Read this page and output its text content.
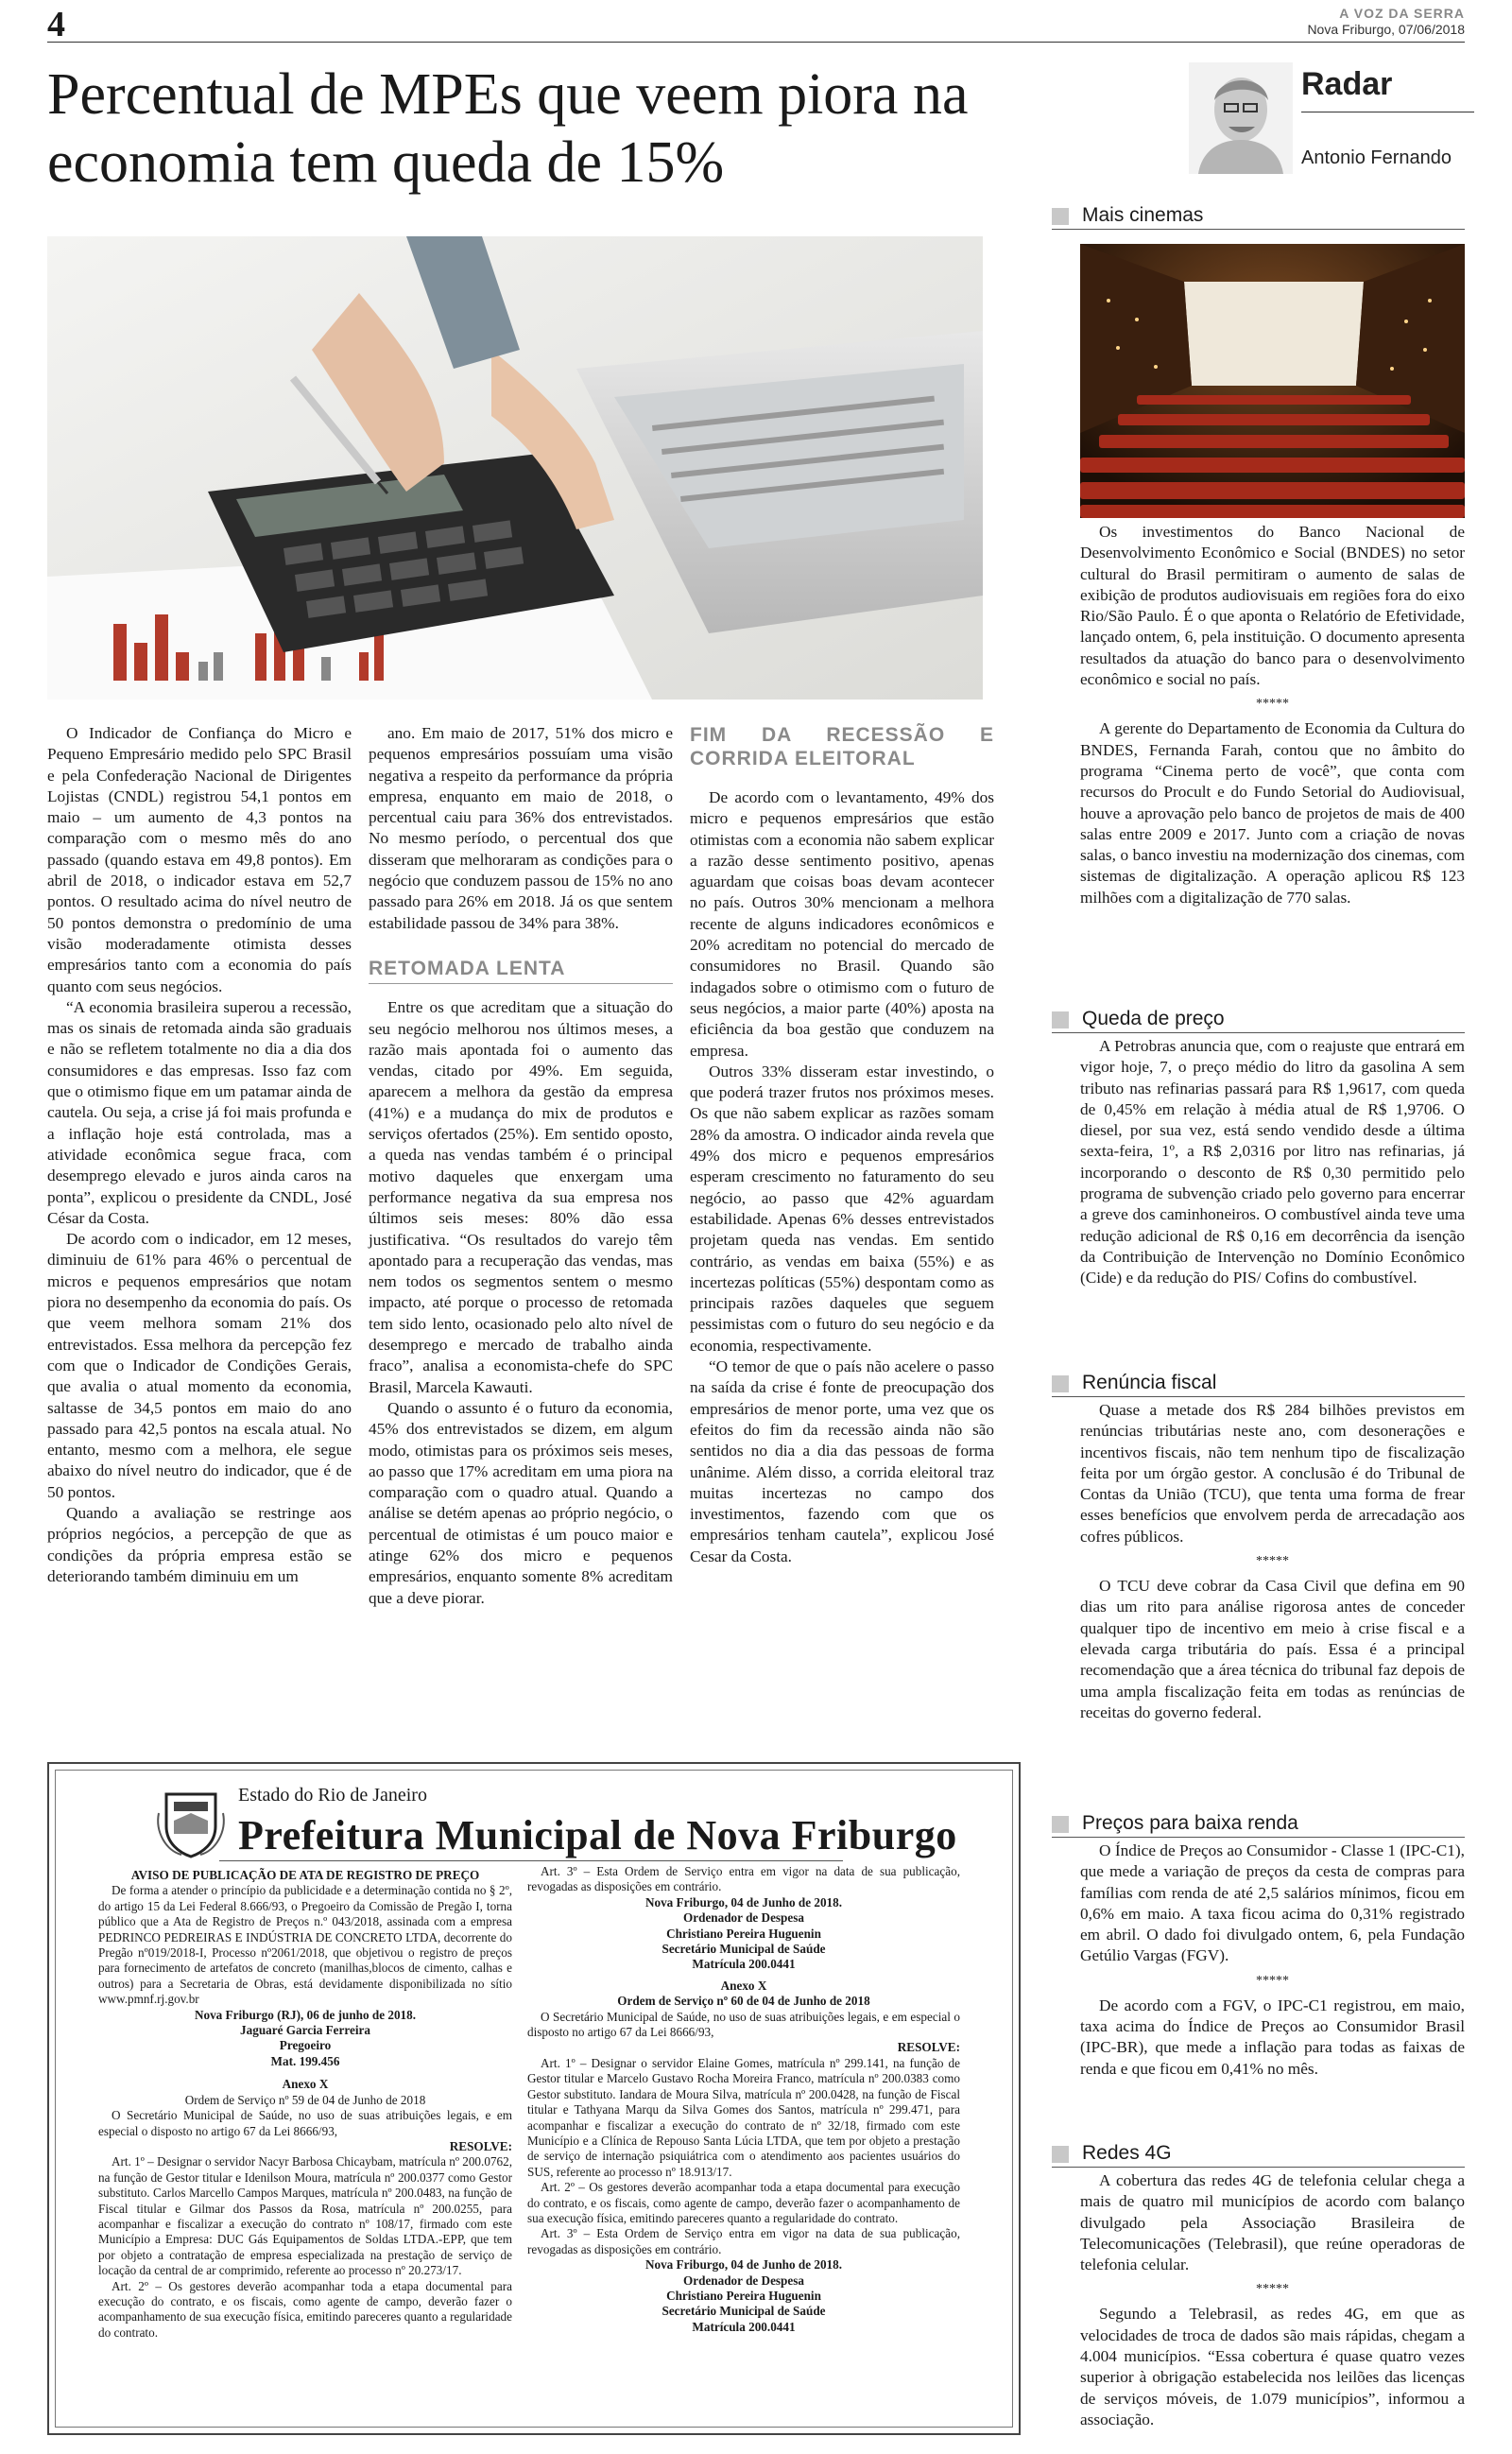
4	A VOZ DA SERRA
Nova Friburgo, 07/06/2018
Percentual de MPEs que veem piora na economia tem queda de 15%

O Indicador de Confiança do Micro e Pequeno Empresário medido pelo SPC Brasil e pela Confederação Nacional de Dirigentes Lojistas (CNDL) registrou 54,1 pontos em maio – um aumento de 4,3 pontos na comparação com o mesmo mês do ano passado (quando estava em 49,8 pontos). Em abril de 2018, o indicador estava em 52,7 pontos. O resultado acima do nível neutro de 50 pontos demonstra o predomínio de uma visão moderadamente otimista desses empresários tanto com a economia do país quanto com seus negócios.

“A economia brasileira superou a recessão, mas os sinais de retomada ainda são graduais e não se refletem totalmente no dia a dia dos consumidores e das empresas. Isso faz com que o otimismo fique em um patamar ainda de cautela. Ou seja, a crise já foi mais profunda e a inflação hoje está controlada, mas a atividade econômica segue fraca, com desemprego elevado e juros ainda caros na ponta”, explicou o presidente da CNDL, José César da Costa.

De acordo com o indicador, em 12 meses, diminuiu de 61% para 46% o percentual de micros e pequenos empresários que notam piora no desempenho da economia do país. Os que veem melhora somam 21% dos entrevistados. Essa melhora da percepção fez com que o Indicador de Condições Gerais, que avalia o atual momento da economia, saltasse de 34,5 pontos em maio do ano passado para 42,5 pontos na escala atual. No entanto, mesmo com a melhora, ele segue abaixo do nível neutro do indicador, que é de 50 pontos.

Quando a avaliação se restringe aos próprios negócios, a percepção de que as condições da própria empresa estão se deteriorando também diminuiu em um

ano. Em maio de 2017, 51% dos micro e pequenos empresários possuíam uma visão negativa a respeito da performance da própria empresa, enquanto em maio de 2018, o percentual caiu para 36% dos entrevistados. No mesmo período, o percentual dos que disseram que melhoraram as condições para o negócio que conduzem passou de 15% no ano passado para 26% em 2018. Já os que sentem estabilidade passou de 34% para 38%.

RETOMADA LENTA

Entre os que acreditam que a situação do seu negócio melhorou nos últimos meses, a razão mais apontada foi o aumento das vendas, citado por 49%. Em seguida, aparecem a melhora da gestão da empresa (41%) e a mudança do mix de produtos e serviços ofertados (25%). Em sentido oposto, a queda nas vendas também é o principal motivo daqueles que enxergam uma performance negativa da sua empresa nos últimos seis meses: 80% dão essa justificativa. “Os resultados do varejo têm apontado para a recuperação das vendas, mas nem todos os segmentos sentem o mesmo impacto, até porque o processo de retomada tem sido lento, ocasionado pelo alto nível de desemprego e mercado de trabalho ainda fraco”, analisa a economista-chefe do SPC Brasil, Marcela Kawauti.

Quando o assunto é o futuro da economia, 45% dos entrevistados se dizem, em algum modo, otimistas para os próximos seis meses, ao passo que 17% acreditam em uma piora na comparação com o quadro atual. Quando a análise se detém apenas ao próprio negócio, o percentual de otimistas é um pouco maior e atinge 62% dos micro e pequenos empresários, enquanto somente 8% acreditam que a deve piorar.

FIM DA RECESSÃO E CORRIDA ELEITORAL

De acordo com o levantamento, 49% dos micro e pequenos empresários que estão otimistas com a economia não sabem explicar a razão desse sentimento positivo, apenas aguardam que coisas boas devam acontecer no país. Outros 30% mencionam a melhora recente de alguns indicadores econômicos e 20% acreditam no potencial do mercado de consumidores no Brasil. Quando são indagados sobre o otimismo com o futuro de seus negócios, a maior parte (40%) aposta na eficiência da boa gestão que conduzem na empresa.

Outros 33% disseram estar investindo, o que poderá trazer frutos nos próximos meses. Os que não sabem explicar as razões somam 28% da amostra. O indicador ainda revela que 49% dos micro e pequenos empresários esperam crescimento no faturamento do seu negócio, ao passo que 42% aguardam estabilidade. Apenas 6% desses entrevistados projetam queda nas vendas. Em sentido contrário, as vendas em baixa (55%) e as incertezas políticas (55%) despontam como as principais razões daqueles que seguem pessimistas com o futuro do seu negócio e da economia, respectivamente.

“O temor de que o país não acelere o passo na saída da crise é fonte de preocupação dos empresários de menor porte, uma vez que os efeitos do fim da recessão ainda não são sentidos no dia a dia das pessoas de forma unânime. Além disso, a corrida eleitoral traz muitas incertezas no campo dos investimentos, fazendo com que os empresários tenham cautela”, explicou José Cesar da Costa.

Radar
Antonio Fernando
Mais cinemas

Os investimentos do Banco Nacional de Desenvolvimento Econômico e Social (BNDES) no setor cultural do Brasil permitiram o aumento de salas de exibição de produtos audiovisuais em regiões fora do eixo Rio/São Paulo. É o que aponta o Relatório de Efetividade, lançado ontem, 6, pela instituição. O documento apresenta resultados da atuação do banco para o desenvolvimento econômico e social no país.

*****

A gerente do Departamento de Economia da Cultura do BNDES, Fernanda Farah, contou que no âmbito do programa “Cinema perto de você”, que conta com recursos do Procult e do Fundo Setorial do Audiovisual, houve a aprovação pelo banco de projetos de mais de 400 salas entre 2009 e 2017. Junto com a criação de novas salas, o banco investiu na modernização dos cinemas, com sistemas de digitalização. A operação aplicou R$ 123 milhões com a digitalização de 770 salas.

Queda de preço

A Petrobras anuncia que, com o reajuste que entrará em vigor hoje, 7, o preço médio do litro da gasolina A sem tributo nas refinarias passará para R$ 1,9617, com queda de 0,45% em relação à média atual de R$ 1,9706. O diesel, por sua vez, está sendo vendido desde a última sexta-feira, 1º, a R$ 2,0316 por litro nas refinarias, já incorporando o desconto de R$ 0,30 permitido pelo programa de subvenção criado pelo governo para encerrar a greve dos caminhoneiros. O combustível ainda teve uma redução adicional de R$ 0,16 em decorrência da isenção da Contribuição de Intervenção no Domínio Econômico (Cide) e da redução do PIS/ Cofins do combustível.

Renúncia fiscal

Quase a metade dos R$ 284 bilhões previstos em renúncias tributárias neste ano, com desonerações e incentivos fiscais, não tem nenhum tipo de fiscalização feita por um órgão gestor. A conclusão é do Tribunal de Contas da União (TCU), que tenta uma forma de frear esses benefícios que envolvem perda de arrecadação aos cofres públicos.

*****

O TCU deve cobrar da Casa Civil que defina em 90 dias um rito para análise rigorosa antes de conceder qualquer tipo de incentivo em meio à crise fiscal e a elevada carga tributária do país. Essa é a principal recomendação que a área técnica do tribunal faz depois de uma ampla fiscalização feita em todas as renúncias de receitas do governo federal.

Preços para baixa renda

O Índice de Preços ao Consumidor - Classe 1 (IPC-C1), que mede a variação de preços da cesta de compras para famílias com renda de até 2,5 salários mínimos, ficou em 0,6% em maio. A taxa ficou acima do 0,31% registrado em abril. O dado foi divulgado ontem, 6, pela Fundação Getúlio Vargas (FGV).

*****

De acordo com a FGV, o IPC-C1 registrou, em maio, taxa acima do Índice de Preços ao Consumidor Brasil (IPC-BR), que mede a inflação para todas as faixas de renda e que ficou em 0,41% no mês.

Redes 4G

A cobertura das redes 4G de telefonia celular chega a mais de quatro mil municípios de acordo com balanço divulgado pela Associação Brasileira de Telecomunicações (Telebrasil), que reúne operadoras de telefonia celular.

*****

Segundo a Telebrasil, as redes 4G, em que as velocidades de troca de dados são mais rápidas, chegam a 4.004 municípios. “Essa cobertura é quase quatro vezes superior à obrigação estabelecida nos leilões das licenças de serviços móveis, de 1.079 municípios”, informou a associação.

Estado do Rio de Janeiro
Prefeitura Municipal de Nova Friburgo

AVISO DE PUBLICAÇÃO DE ATA DE REGISTRO DE PREÇO

De forma a atender o princípio da publicidade e a determinação contida no § 2º, do artigo 15 da Lei Federal 8.666/93, o Pregoeiro da Comissão de Pregão I, torna público que a Ata de Registro de Preços n.º 043/2018, assinada com a empresa PEDRINCO PEDREIRAS E INDÚSTRIA DE CONCRETO LTDA, decorrente do Pregão nº019/2018-I, Processo nº2061/2018, que objetivou o registro de preços para fornecimento de artefatos de concreto (manilhas,blocos de cimento, calhas e outros) para a Secretaria de Obras, está devidamente disponibilizada no sítio www.pmnf.rj.gov.br

Nova Friburgo (RJ), 06 de junho de 2018.

Jaguaré Garcia Ferreira

Pregoeiro

Mat. 199.456

Anexo X

Ordem de Serviço nº 59 de 04 de Junho de 2018

O Secretário Municipal de Saúde, no uso de suas atribuições legais, e em especial o disposto no artigo 67 da Lei 8666/93,

RESOLVE:

Art. 1º – Designar o servidor Nacyr Barbosa Chicaybam, matrícula nº 200.0762, na função de Gestor titular e Idenilson Moura, matrícula nº 200.0377 como Gestor substituto. Carlos Marcello Campos Marques, matrícula nº 200.0483, na função de Fiscal titular e Gilmar dos Passos da Rosa, matrícula nº 200.0255, para acompanhar e fiscalizar a execução do contrato nº 108/17, firmado com este Município a Empresa: DUC Gás Equipamentos de Soldas LTDA.-EPP, que tem por objeto a contratação de empresa especializada na prestação de serviço de locação da central de ar comprimido, referente ao processo nº 20.273/17.

Art. 2º – Os gestores deverão acompanhar toda a etapa documental para execução do contrato, e os fiscais, como agente de campo, deverão fazer o acompanhamento de sua execução física, emitindo pareceres quanto a regularidade do contrato.

Art. 3º – Esta Ordem de Serviço entra em vigor na data de sua publicação, revogadas as disposições em contrário.

Nova Friburgo, 04 de Junho de 2018.

Ordenador de Despesa

Christiano Pereira Huguenin

Secretário Municipal de Saúde

Matrícula 200.0441

Anexo X

Ordem de Serviço nº 60 de 04 de Junho de 2018

O Secretário Municipal de Saúde, no uso de suas atribuições legais, e em especial o disposto no artigo 67 da Lei 8666/93,

RESOLVE:

Art. 1º – Designar o servidor Elaine Gomes, matrícula nº 299.141, na função de Gestor titular e Marcelo Gustavo Rocha Moreira Franco, matrícula nº 200.0383 como Gestor substituto. Iandara de Moura Silva, matrícula nº 200.0428, na função de Fiscal titular e Tathyana Marqu da Silva Gomes dos Santos, matrícula nº 299.471, para acompanhar e fiscalizar a execução do contrato de nº 32/18, firmado com este Município e a Clínica de Repouso Santa Lúcia LTDA, que tem por objeto a prestação de serviço de internação psiquiátrica com o atendimento aos pacientes usuários do SUS, referente ao processo nº 18.913/17.

Art. 2º – Os gestores deverão acompanhar toda a etapa documental para execução do contrato, e os fiscais, como agente de campo, deverão fazer o acompanhamento de sua execução física, emitindo pareceres quanto a regularidade do contrato.

Art. 3º – Esta Ordem de Serviço entra em vigor na data de sua publicação, revogadas as disposições em contrário.

Nova Friburgo, 04 de Junho de 2018.

Ordenador de Despesa

Christiano Pereira Huguenin

Secretário Municipal de Saúde

Matrícula 200.0441
